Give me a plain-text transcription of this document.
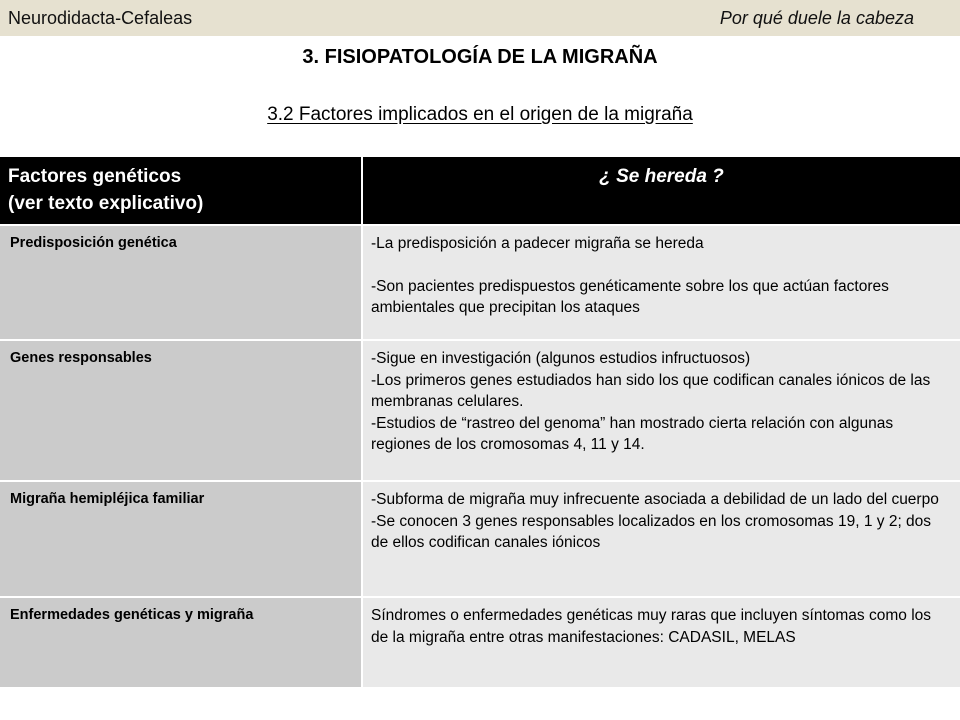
Neurodidacta-Cefaleas	Por qué duele la cabeza
3. FISIOPATOLOGÍA DE LA MIGRAÑA
3.2 Factores implicados en el origen de la migraña
Factores genéticos
(ver texto explicativo)	¿ Se hereda ?
Predisposición genética	-La predisposición a padecer migraña se hereda
-Son pacientes predispuestos genéticamente sobre los que actúan factores ambientales que precipitan los ataques

Genes responsables	-Sigue en investigación (algunos estudios infructuosos)
-Los primeros genes estudiados han sido los que codifican canales iónicos de las membranas celulares.
-Estudios de “rastreo del genoma” han mostrado cierta relación con algunas regiones de los cromosomas 4, 11 y 14.

Migraña hemipléjica familiar	-Subforma de migraña muy infrecuente asociada a debilidad de un lado del cuerpo
-Se conocen 3 genes responsables localizados en los cromosomas 19, 1 y 2; dos de ellos codifican canales iónicos

Enfermedades genéticas y migraña	Síndromes o enfermedades genéticas muy raras que incluyen síntomas como los de la migraña entre otras manifestaciones: CADASIL, MELAS
